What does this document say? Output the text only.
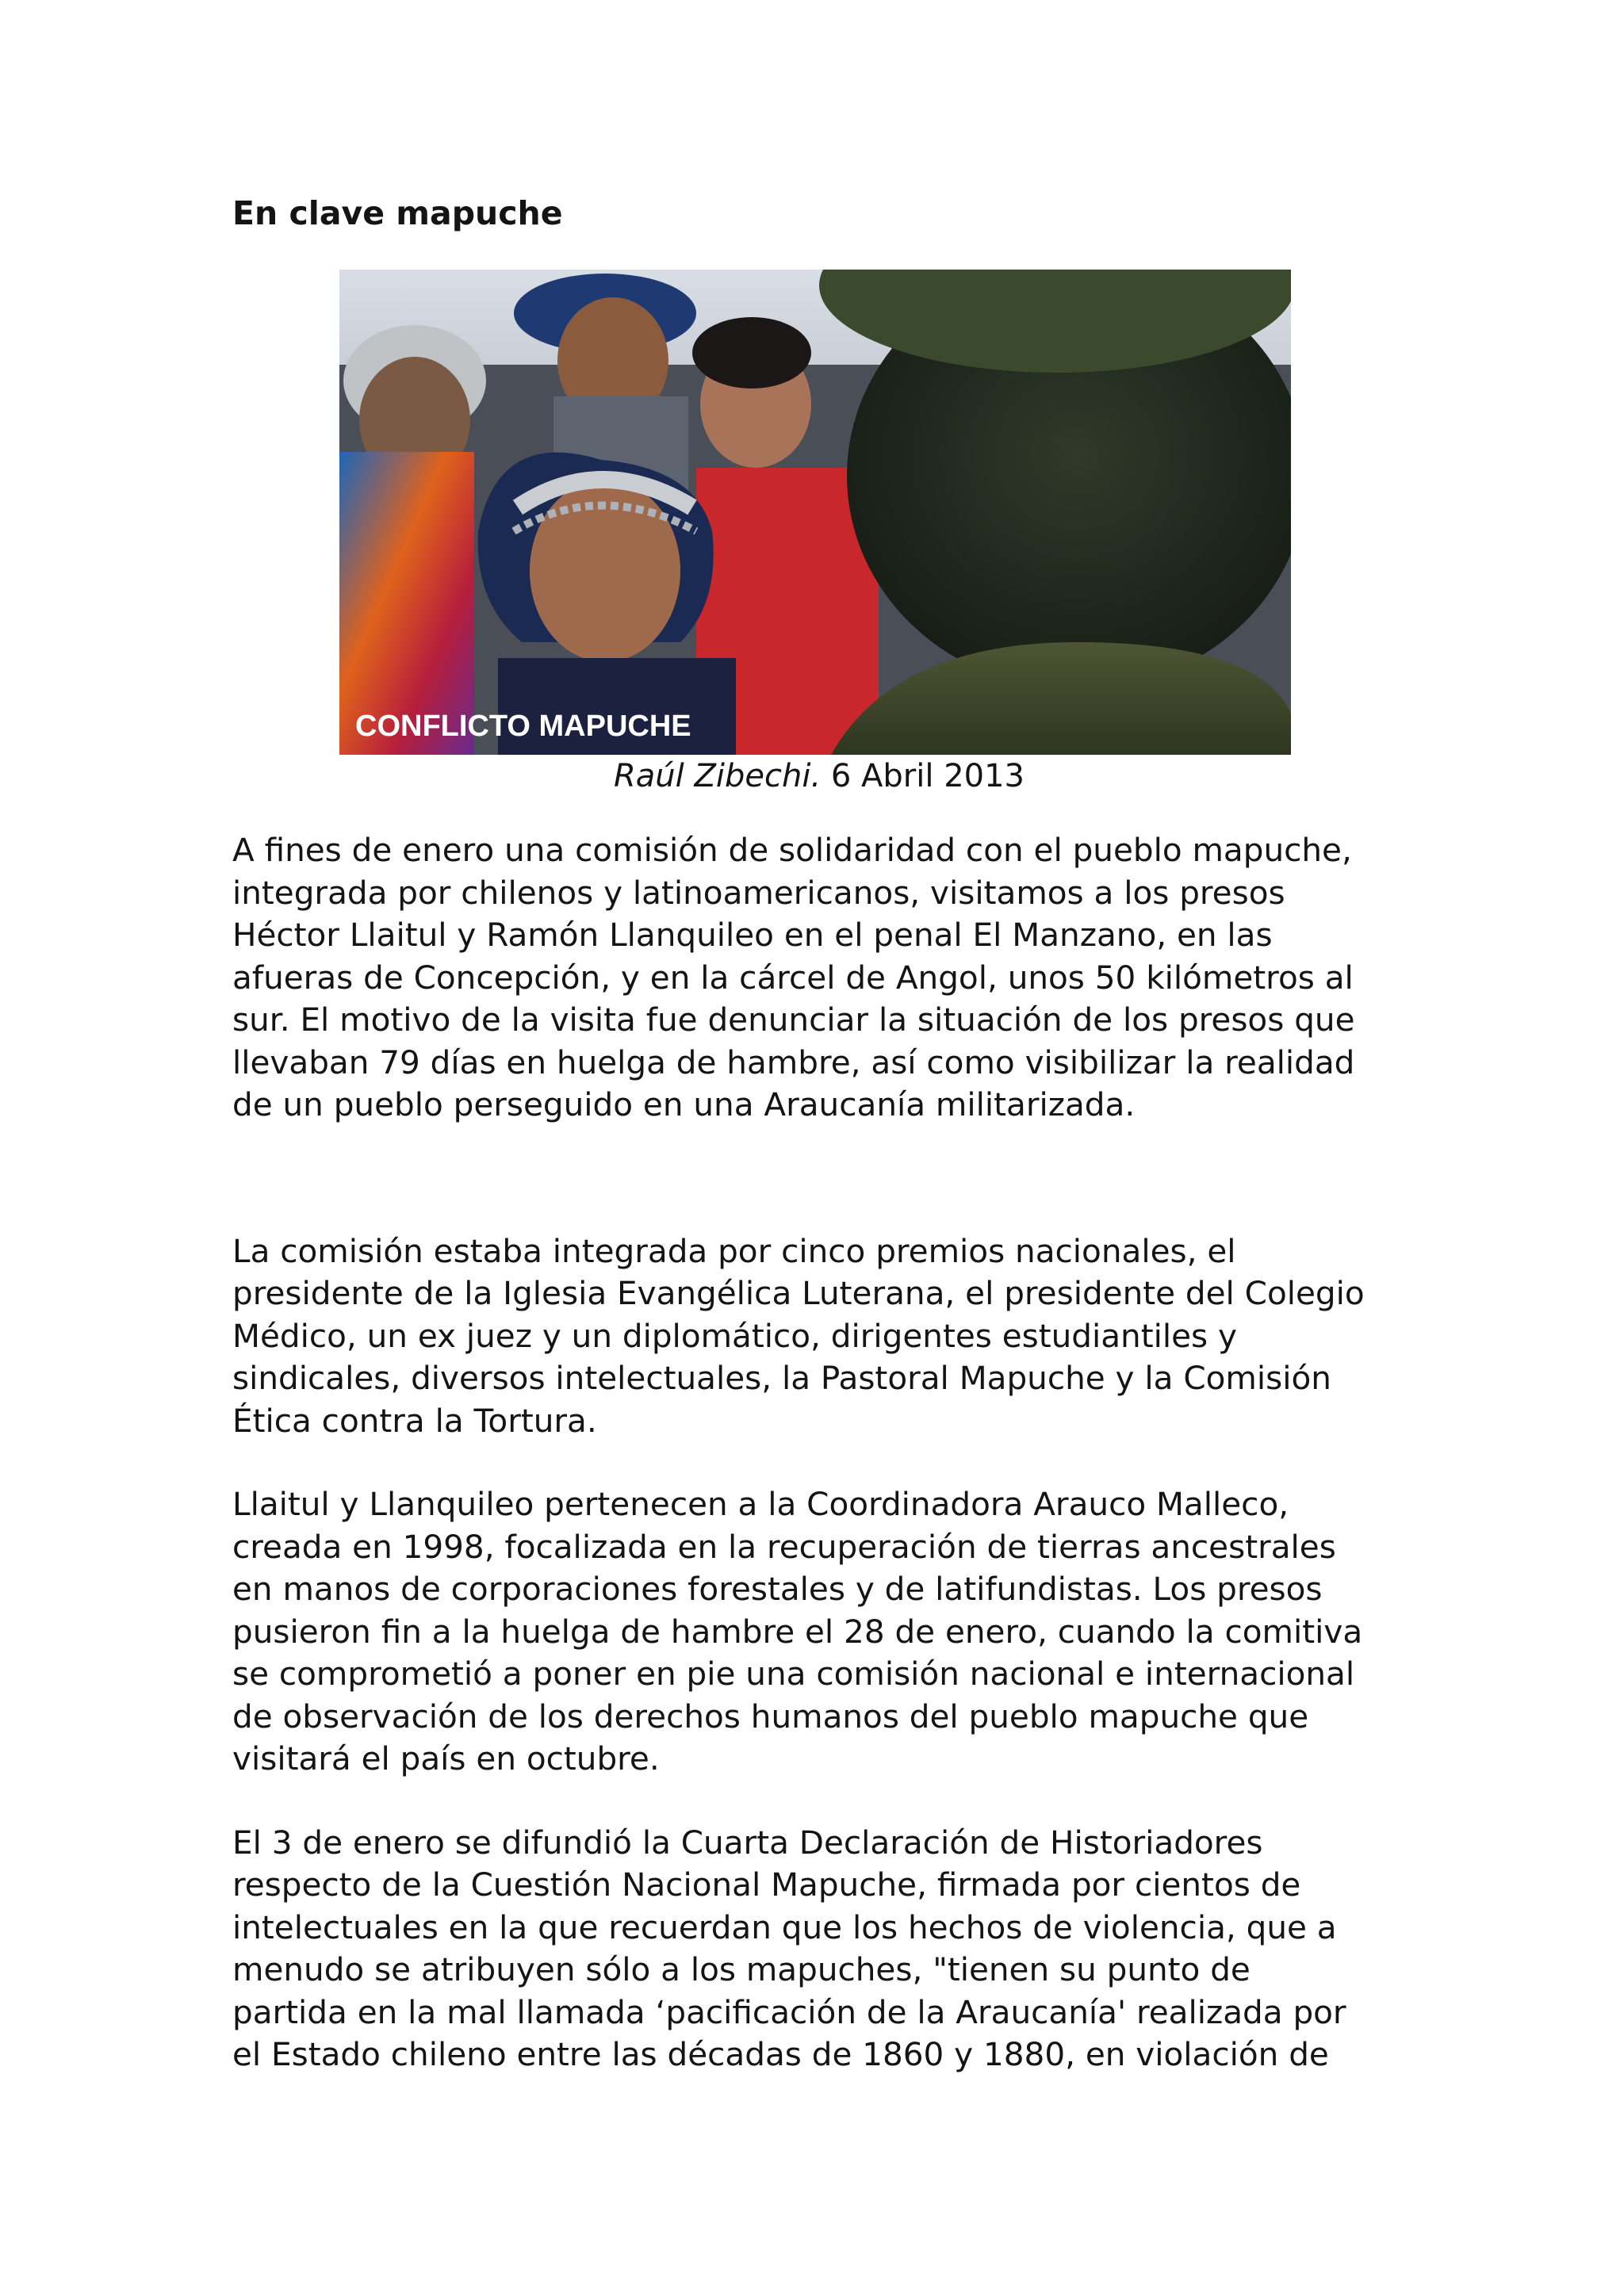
En clave mapuche
CONFLICTO MAPUCHE
Raúl Zibechi. 6 Abril 2013

A fines de enero una comisión de solidaridad con el pueblo mapuche,
integrada por chilenos y latinoamericanos, visitamos a los presos
Héctor Llaitul y Ramón Llanquileo en el penal El Manzano, en las
afueras de Concepción, y en la cárcel de Angol, unos 50 kilómetros al
sur. El motivo de la visita fue denunciar la situación de los presos que
llevaban 79 días en huelga de hambre, así como visibilizar la realidad
de un pueblo perseguido en una Araucanía militarizada.

La comisión estaba integrada por cinco premios nacionales, el
presidente de la Iglesia Evangélica Luterana, el presidente del Colegio
Médico, un ex juez y un diplomático, dirigentes estudiantiles y
sindicales, diversos intelectuales, la Pastoral Mapuche y la Comisión
Ética contra la Tortura.

Llaitul y Llanquileo pertenecen a la Coordinadora Arauco Malleco,
creada en 1998, focalizada en la recuperación de tierras ancestrales
en manos de corporaciones forestales y de latifundistas. Los presos
pusieron fin a la huelga de hambre el 28 de enero, cuando la comitiva
se comprometió a poner en pie una comisión nacional e internacional
de observación de los derechos humanos del pueblo mapuche que
visitará el país en octubre.

El 3 de enero se difundió la Cuarta Declaración de Historiadores
respecto de la Cuestión Nacional Mapuche, firmada por cientos de
intelectuales en la que recuerdan que los hechos de violencia, que a
menudo se atribuyen sólo a los mapuches, "tienen su punto de
partida en la mal llamada ‘pacificación de la Araucanía' realizada por
el Estado chileno entre las décadas de 1860 y 1880, en violación de
